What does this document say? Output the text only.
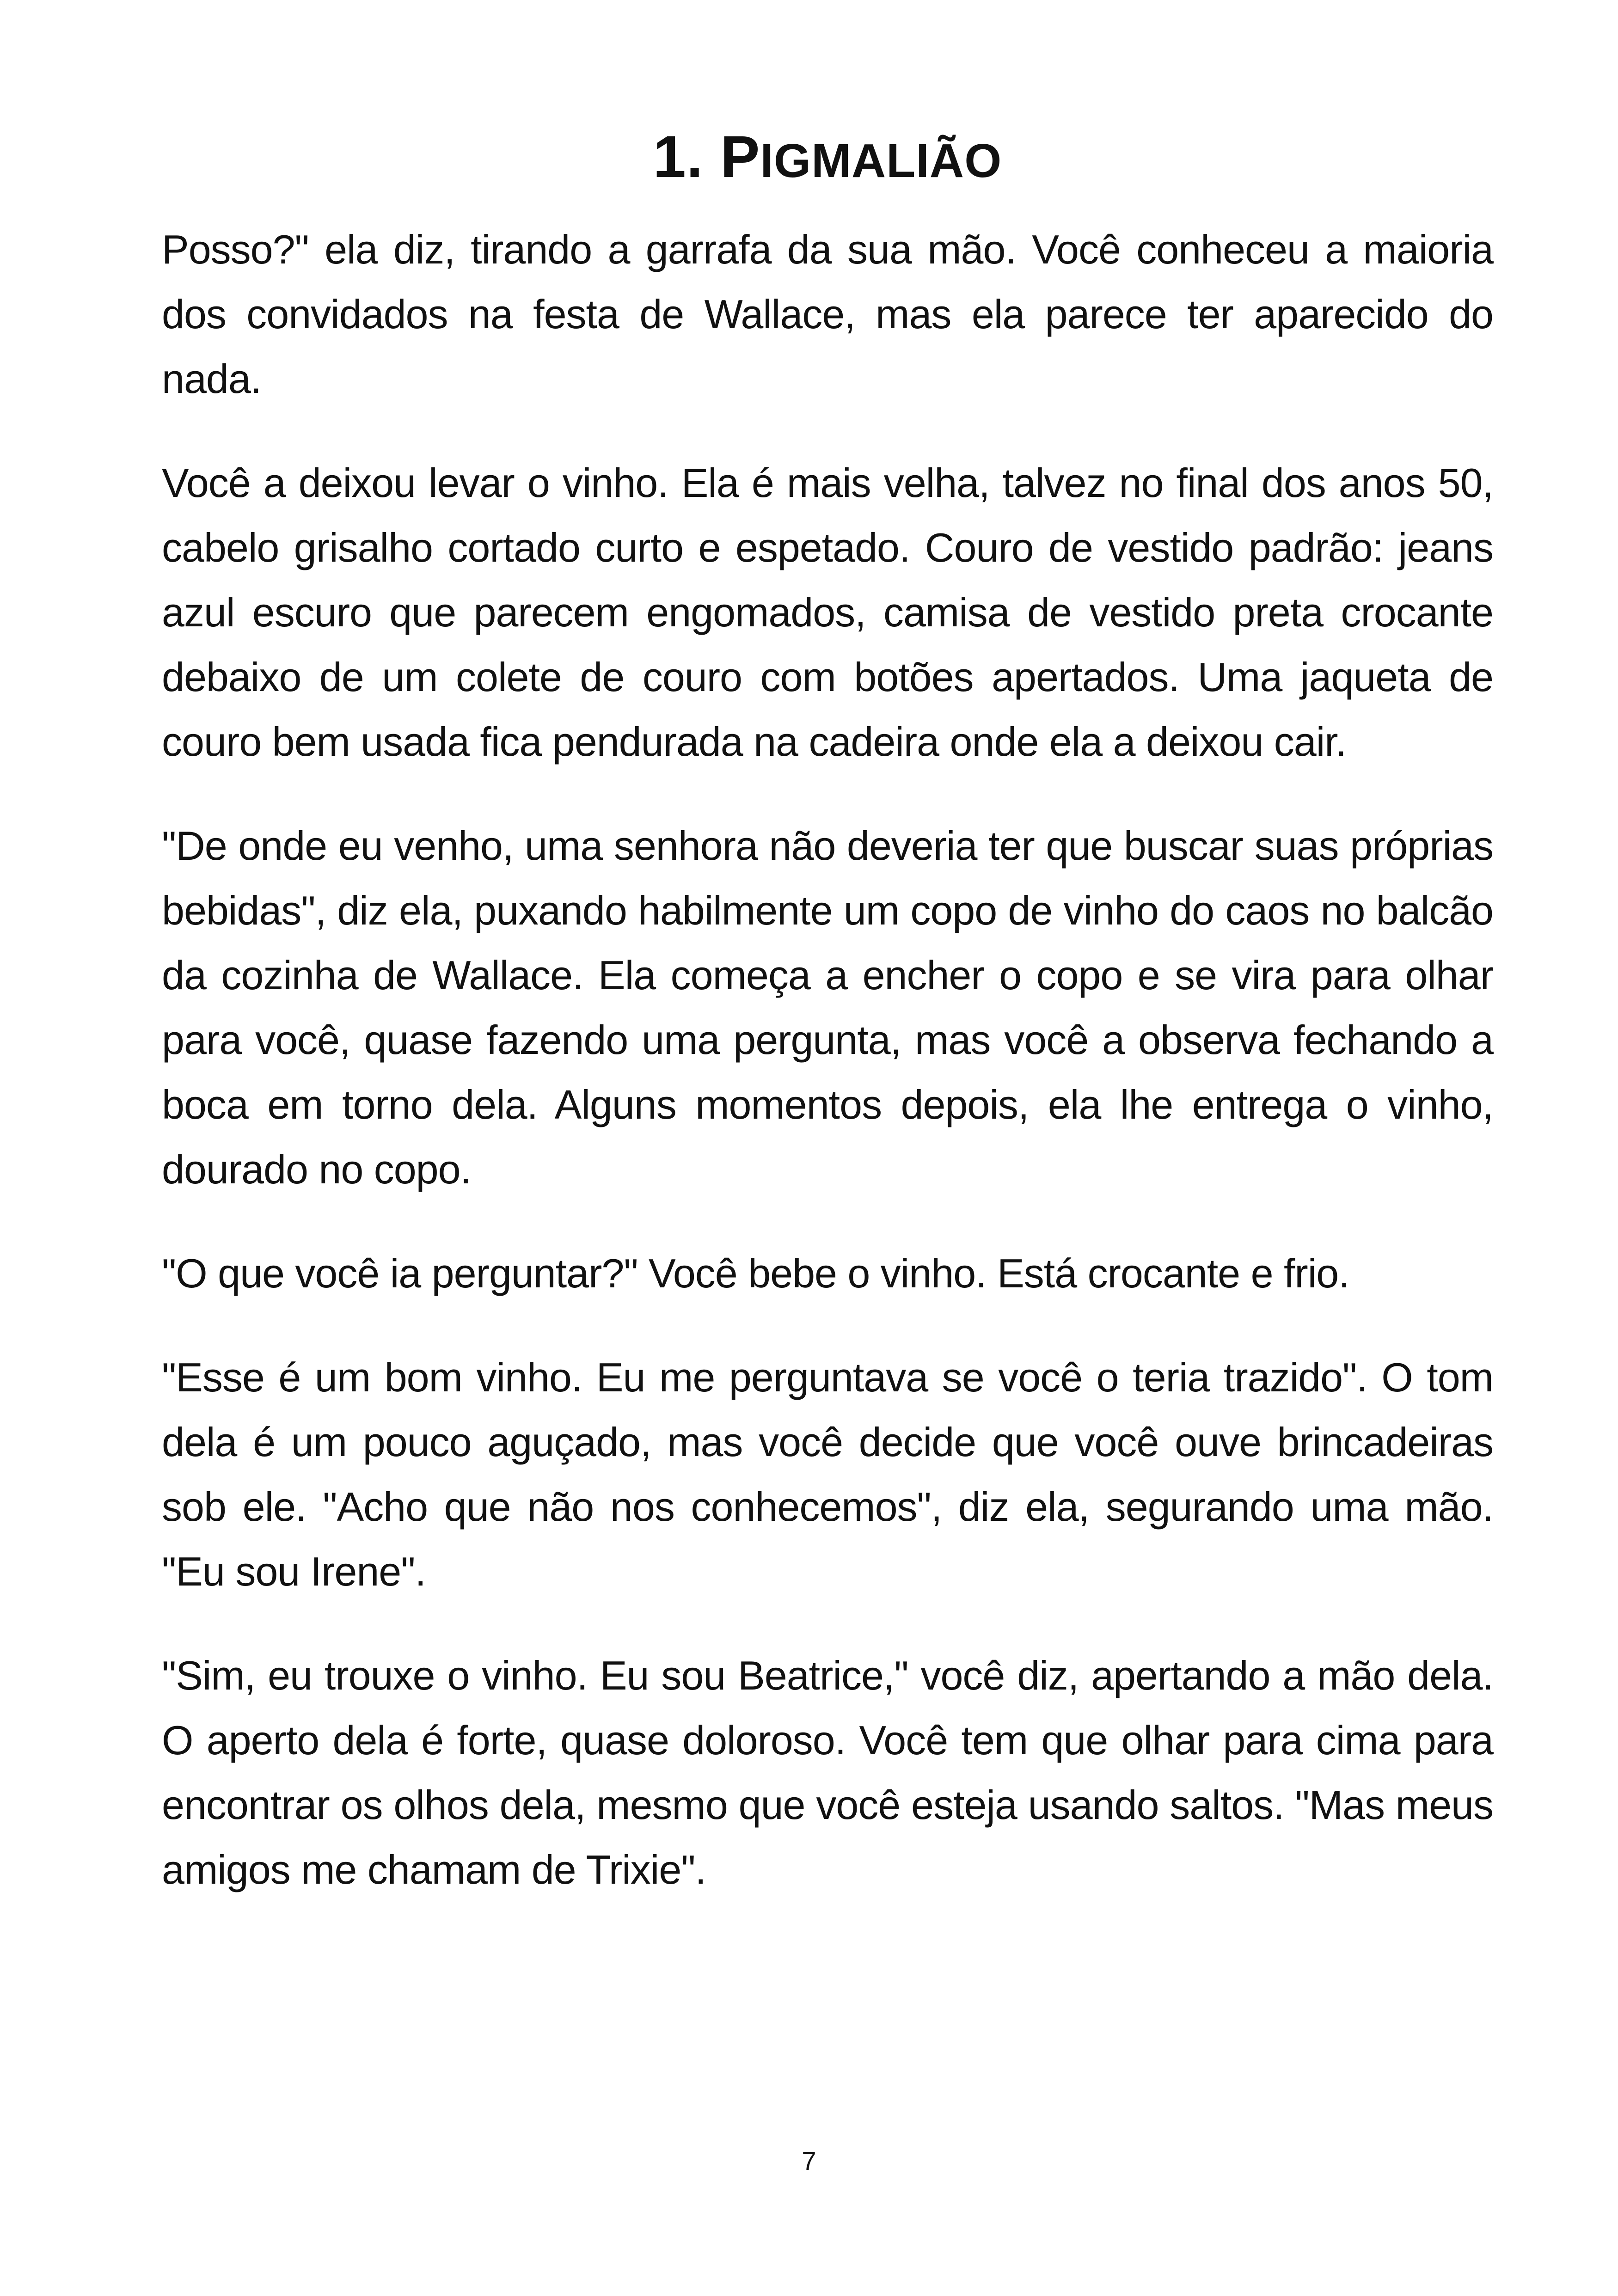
1. PIGMALIÃO

Posso?" ela diz, tirando a garrafa da sua mão. Você conheceu a maioria dos convidados na festa de Wallace, mas ela parece ter aparecido do nada.

Você a deixou levar o vinho. Ela é mais velha, talvez no final dos anos 50, cabelo grisalho cortado curto e espetado. Couro de vestido padrão: jeans azul escuro que parecem engomados, camisa de vestido preta crocante debaixo de um colete de couro com botões apertados. Uma jaqueta de couro bem usada fica pendurada na cadeira onde ela a deixou cair.

"De onde eu venho, uma senhora não deveria ter que buscar suas próprias bebidas", diz ela, puxando habilmente um copo de vinho do caos no balcão da cozinha de Wallace. Ela começa a encher o copo e se vira para olhar para você, quase fazendo uma pergunta, mas você a observa fechando a boca em torno dela. Alguns momentos depois, ela lhe entrega o vinho, dourado no copo.

"O que você ia perguntar?" Você bebe o vinho. Está crocante e frio.

"Esse é um bom vinho. Eu me perguntava se você o teria trazido". O tom dela é um pouco aguçado, mas você decide que você ouve brincadeiras sob ele. "Acho que não nos conhecemos", diz ela, segurando uma mão. "Eu sou Irene".

"Sim, eu trouxe o vinho. Eu sou Beatrice," você diz, apertando a mão dela. O aperto dela é forte, quase doloroso. Você tem que olhar para cima para encontrar os olhos dela, mesmo que você esteja usando saltos. "Mas meus amigos me chamam de Trixie".

7
